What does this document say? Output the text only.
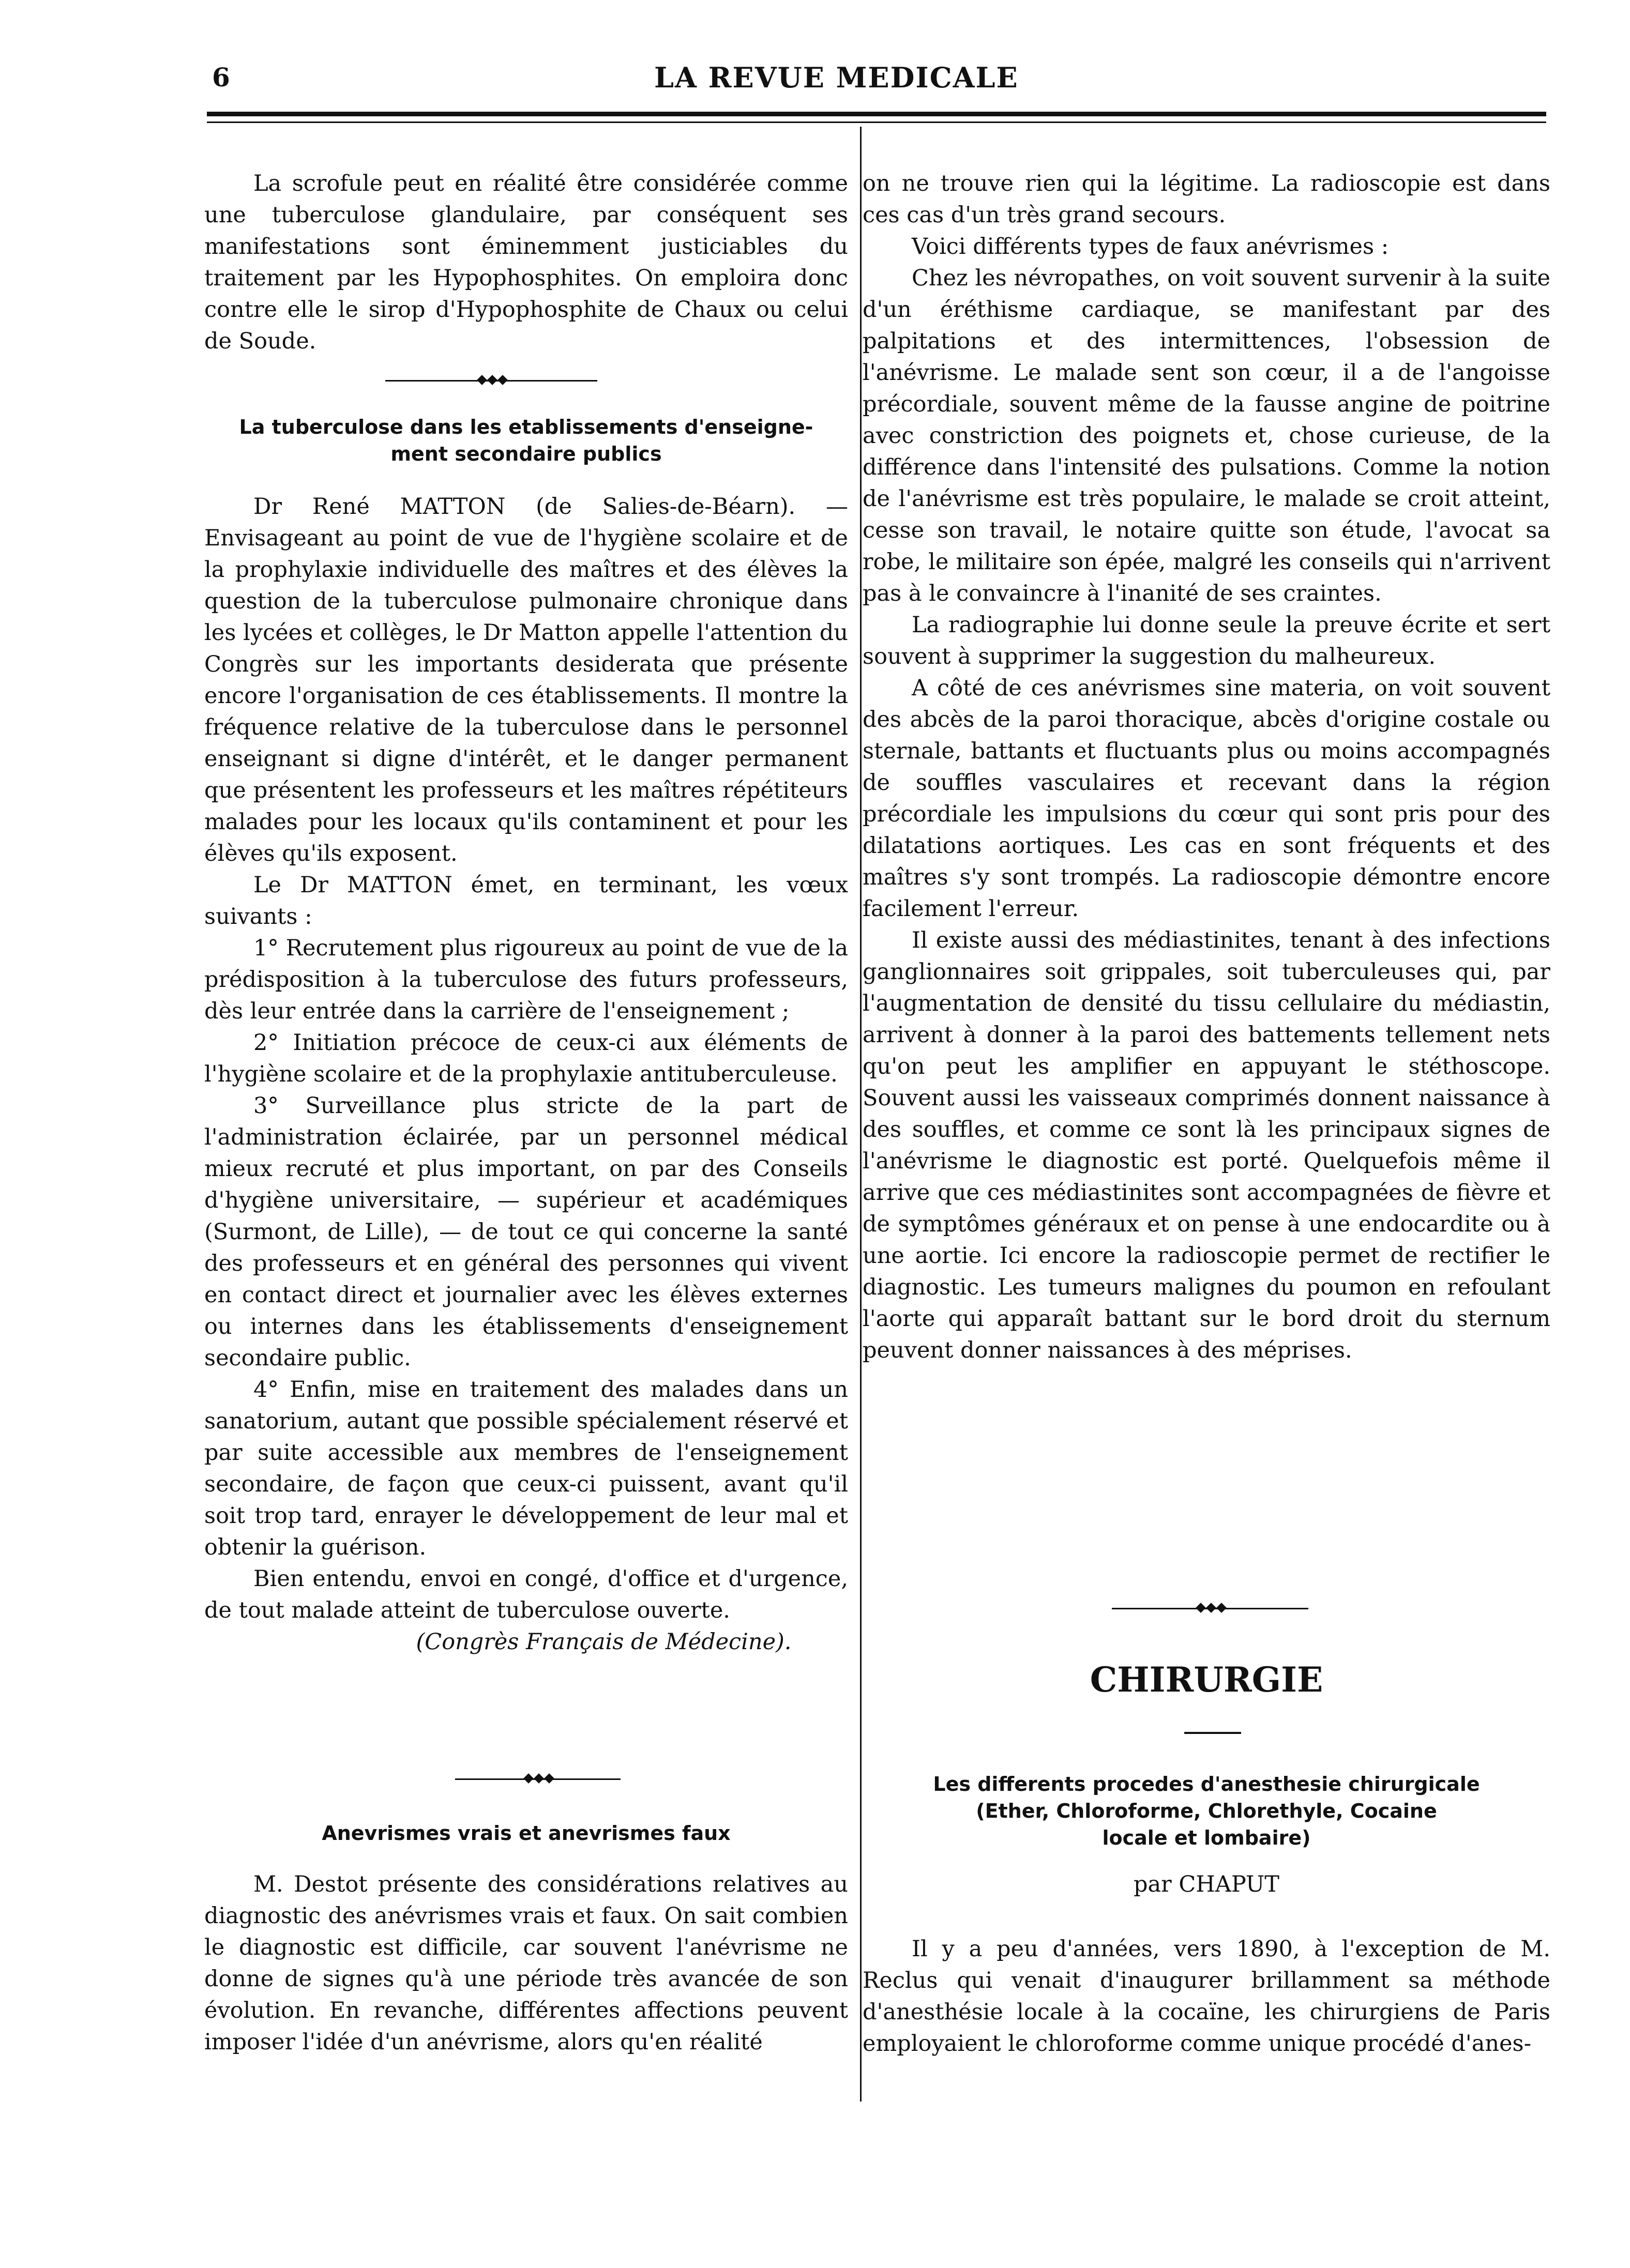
6	LA REVUE MEDICALE

La scrofule peut en réalité être considérée comme une tuberculose glandulaire, par conséquent ses manifestations sont éminemment justiciables du traitement par les Hypophosphites. On emploira donc contre elle le sirop d'Hypophosphite de Chaux ou celui de Soude.

La tuberculose dans les etablissements d'enseigne-
ment secondaire publics

Dr René MATTON (de Salies-de-Béarn). — Envisageant au point de vue de l'hygiène scolaire et de la prophylaxie individuelle des maîtres et des élèves la question de la tuberculose pulmonaire chronique dans les lycées et collèges, le Dr Matton appelle l'attention du Congrès sur les importants desiderata que présente encore l'organisation de ces établissements. Il montre la fréquence relative de la tuberculose dans le personnel enseignant si digne d'intérêt, et le danger permanent que présentent les professeurs et les maîtres répétiteurs malades pour les locaux qu'ils contaminent et pour les élèves qu'ils exposent.

Le Dr MATTON émet, en terminant, les vœux suivants :

1° Recrutement plus rigoureux au point de vue de la prédisposition à la tuberculose des futurs professeurs, dès leur entrée dans la carrière de l'enseignement ;

2° Initiation précoce de ceux-ci aux éléments de l'hygiène scolaire et de la prophylaxie antituberculeuse.

3° Surveillance plus stricte de la part de l'administration éclairée, par un personnel médical mieux recruté et plus important, on par des Conseils d'hygiène universitaire, — supérieur et académiques (Surmont, de Lille), — de tout ce qui concerne la santé des professeurs et en général des personnes qui vivent en contact direct et journalier avec les élèves externes ou internes dans les établissements d'enseignement secondaire public.

4° Enfin, mise en traitement des malades dans un sanatorium, autant que possible spécialement réservé et par suite accessible aux membres de l'enseignement secondaire, de façon que ceux-ci puissent, avant qu'il soit trop tard, enrayer le développement de leur mal et obtenir la guérison.

Bien entendu, envoi en congé, d'office et d'urgence, de tout malade atteint de tuberculose ouverte.

(Congrès Français de Médecine).

Anevrismes vrais et anevrismes faux

M. Destot présente des considérations relatives au diagnostic des anévrismes vrais et faux. On sait combien le diagnostic est difficile, car souvent l'anévrisme ne donne de signes qu'à une période très avancée de son évolution. En revanche, différentes affections peuvent imposer l'idée d'un anévrisme, alors qu'en réalité

on ne trouve rien qui la légitime. La radioscopie est dans ces cas d'un très grand secours.

Voici différents types de faux anévrismes :

Chez les névropathes, on voit souvent survenir à la suite d'un éréthisme cardiaque, se manifestant par des palpitations et des intermittences, l'obsession de l'anévrisme. Le malade sent son cœur, il a de l'angoisse précordiale, souvent même de la fausse angine de poitrine avec constriction des poignets et, chose curieuse, de la différence dans l'intensité des pulsations. Comme la notion de l'anévrisme est très populaire, le malade se croit atteint, cesse son travail, le notaire quitte son étude, l'avocat sa robe, le militaire son épée, malgré les conseils qui n'arrivent pas à le convaincre à l'inanité de ses craintes.

La radiographie lui donne seule la preuve écrite et sert souvent à supprimer la suggestion du malheureux.

A côté de ces anévrismes sine materia, on voit souvent des abcès de la paroi thoracique, abcès d'origine costale ou sternale, battants et fluctuants plus ou moins accompagnés de souffles vasculaires et recevant dans la région précordiale les impulsions du cœur qui sont pris pour des dilatations aortiques. Les cas en sont fréquents et des maîtres s'y sont trompés. La radioscopie démontre encore facilement l'erreur.

Il existe aussi des médiastinites, tenant à des infections ganglionnaires soit grippales, soit tuberculeuses qui, par l'augmentation de densité du tissu cellulaire du médiastin, arrivent à donner à la paroi des battements tellement nets qu'on peut les amplifier en appuyant le stéthoscope. Souvent aussi les vaisseaux comprimés donnent naissance à des souffles, et comme ce sont là les principaux signes de l'anévrisme le diagnostic est porté. Quelquefois même il arrive que ces médiastinites sont accompagnées de fièvre et de symptômes généraux et on pense à une endocardite ou à une aortie. Ici encore la radioscopie permet de rectifier le diagnostic. Les tumeurs malignes du poumon en refoulant l'aorte qui apparaît battant sur le bord droit du sternum peuvent donner naissances à des méprises.

CHIRURGIE
Les differents procedes d'anesthesie chirurgicale
(Ether, Chloroforme, Chlorethyle, Cocaine
locale et lombaire)
par CHAPUT

Il y a peu d'années, vers 1890, à l'exception de M. Reclus qui venait d'inaugurer brillamment sa méthode d'anesthésie locale à la cocaïne, les chirurgiens de Paris employaient le chloroforme comme unique procédé d'anes-
